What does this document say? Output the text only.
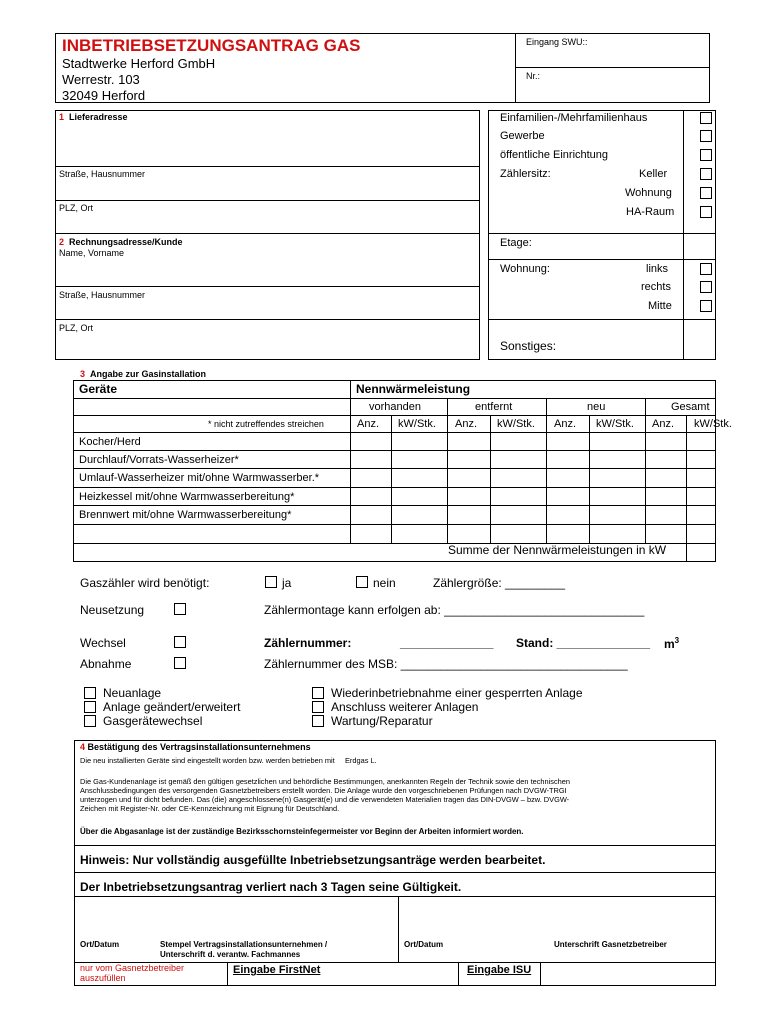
INBETRIEBSETZUNGSANTRAG GAS
Stadtwerke Herford GmbH
Werrestr. 103
32049 Herford
Eingang SWU::
Nr.:
1 Lieferadresse
Straße, Hausnummer
PLZ, Ort
2 Rechnungsadresse/Kunde
Name, Vorname
Straße, Hausnummer
PLZ, Ort
Einfamilien-/Mehrfamilienhaus
Gewerbe
öffentliche Einrichtung
Zählersitz:	Keller
Wohnung
HA-Raum
Etage:
Wohnung:	links
rechts
Mitte
Sonstiges:
3 Angabe zur Gasinstallation
Geräte	Nennwärmeleistung
vorhanden	entfernt	neu	Gesamt
* nicht zutreffendes streichen	Anz. kW/Stk. Anz. kW/Stk. Anz. kW/Stk. Anz. kW/Stk.
Kocher/Herd
Durchlauf/Vorrats-Wasserheizer*
Umlauf-Wasserheizer mit/ohne Warmwasserber.*
Heizkessel mit/ohne Warmwasserbereitung*
Brennwert mit/ohne Warmwasserbereitung*
Summe der Nennwärmeleistungen in kW
Gaszähler wird benötigt:	ja	nein	Zählergröße: _________
Neusetzung	Zählermontage kann erfolgen ab: ______________________________
Wechsel	Zählernummer:	______________ Stand: ______________ $m^3$
Abnahme	Zählernummer des MSB: __________________________________
Neuanlage
Anlage geändert/erweitert
Gasgerätewechsel
Wiederinbetriebnahme einer gesperrten Anlage
Anschluss weiterer Anlagen
Wartung/Reparatur
4 Bestätigung des Vertragsinstallationsunternehmens
Die neu installierten Geräte sind eingestellt worden bzw. werden betrieben mit Erdgas L.
Die Gas-Kundenanlage ist gemäß den gültigen gesetzlichen und behördliche Bestimmungen, anerkannten Regeln der Technik sowie den technischen
Anschlussbedingungen des versorgenden Gasnetzbetreibers erstellt worden. Die Anlage wurde den vorgeschriebenen Prüfungen nach DVGW-TRGI
unterzogen und für dicht befunden. Das (die) angeschlossene(n) Gasgerät(e) und die verwendeten Materialien tragen das DIN-DVGW – bzw. DVGW-
Zeichen mit Register-Nr. oder CE-Kennzeichnung mit Eignung für Deutschland.
Über die Abgasanlage ist der zuständige Bezirksschornsteinfegermeister vor Beginn der Arbeiten informiert worden.
Hinweis: Nur vollständig ausgefüllte Inbetriebsetzungsanträge werden bearbeitet.
Der Inbetriebsetzungsantrag verliert nach 3 Tagen seine Gültigkeit.
Ort/Datum	Stempel Vertragsinstallationsunternehmen /
Unterschrift d. verantw. Fachmannes
Ort/Datum	Unterschrift Gasnetzbetreiber
nur vom Gasnetzbetreiber
auszufüllen
Eingabe FirstNet	Eingabe ISU
